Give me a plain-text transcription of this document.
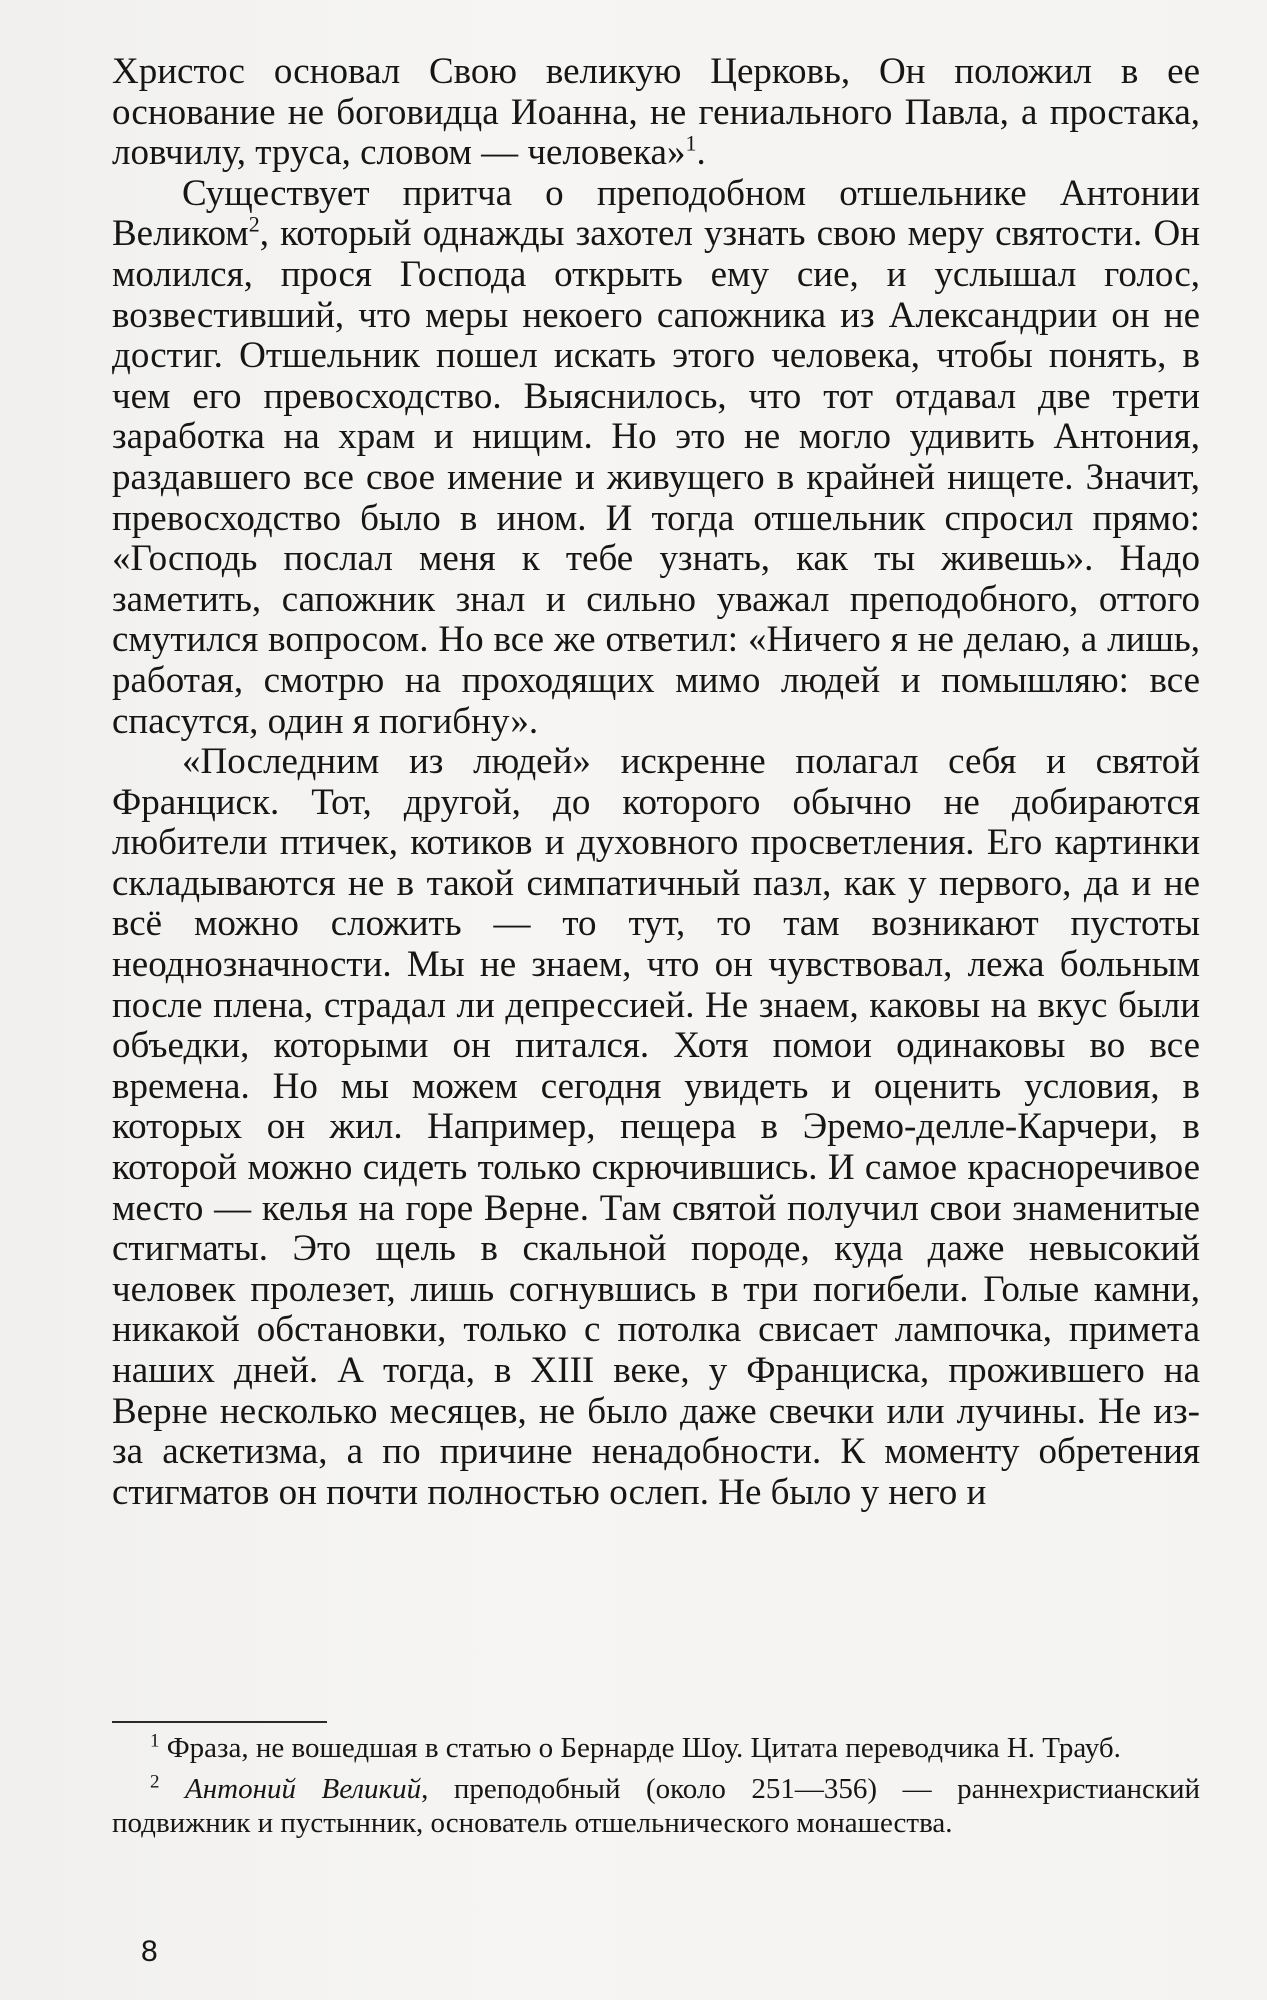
Христос основал Свою великую Церковь, Он положил в ее основание не боговидца Иоанна, не гениального Павла, а простака, ловчилу, труса, словом — человека»$^1$.

Существует притча о преподобном отшельнике Антонии Великом$^2$, который однажды захотел узнать свою меру святости. Он молился, прося Господа открыть ему сие, и услышал голос, возвестивший, что меры некоего сапожника из Александрии он не достиг. Отшельник пошел искать этого человека, чтобы понять, в чем его превосходство. Выяснилось, что тот отдавал две трети заработка на храм и нищим. Но это не могло удивить Антония, раздавшего все свое имение и живущего в крайней нищете. Значит, превосходство было в ином. И тогда отшельник спросил прямо: «Господь послал меня к тебе узнать, как ты живешь». Надо заметить, сапожник знал и сильно уважал преподобного, оттого смутился вопросом. Но все же ответил: «Ничего я не делаю, а лишь, работая, смотрю на проходящих мимо людей и помышляю: все спасутся, один я погибну».

«Последним из людей» искренне полагал себя и святой Франциск. Тот, другой, до которого обычно не добираются любители птичек, котиков и духовного просветления. Его картинки складываются не в такой симпатичный пазл, как у первого, да и не всё можно сложить — то тут, то там возникают пустоты неоднозначности. Мы не знаем, что он чувствовал, лежа больным после плена, страдал ли депрессией. Не знаем, каковы на вкус были объедки, которыми он питался. Хотя помои одинаковы во все времена. Но мы можем сегодня увидеть и оценить условия, в которых он жил. Например, пещера в Эремо-делле-Карчери, в которой можно сидеть только скрючившись. И самое красноречивое место — келья на горе Верне. Там святой получил свои знаменитые стигматы. Это щель в скальной породе, куда даже невысокий человек пролезет, лишь согнувшись в три погибели. Голые камни, никакой обстановки, только с потолка свисает лампочка, примета наших дней. А тогда, в XIII веке, у Франциска, прожившего на Верне несколько месяцев, не было даже свечки или лучины. Не из-за аскетизма, а по причине ненадобности. К моменту обретения стигматов он почти полностью ослеп. Не было у него и

$^1$ Фраза, не вошедшая в статью о Бернарде Шоу. Цитата переводчика Н. Трауб.

$^2$ Антоний Великий, преподобный (около 251—356) — раннехристианский подвижник и пустынник, основатель отшельнического монашества.

8
